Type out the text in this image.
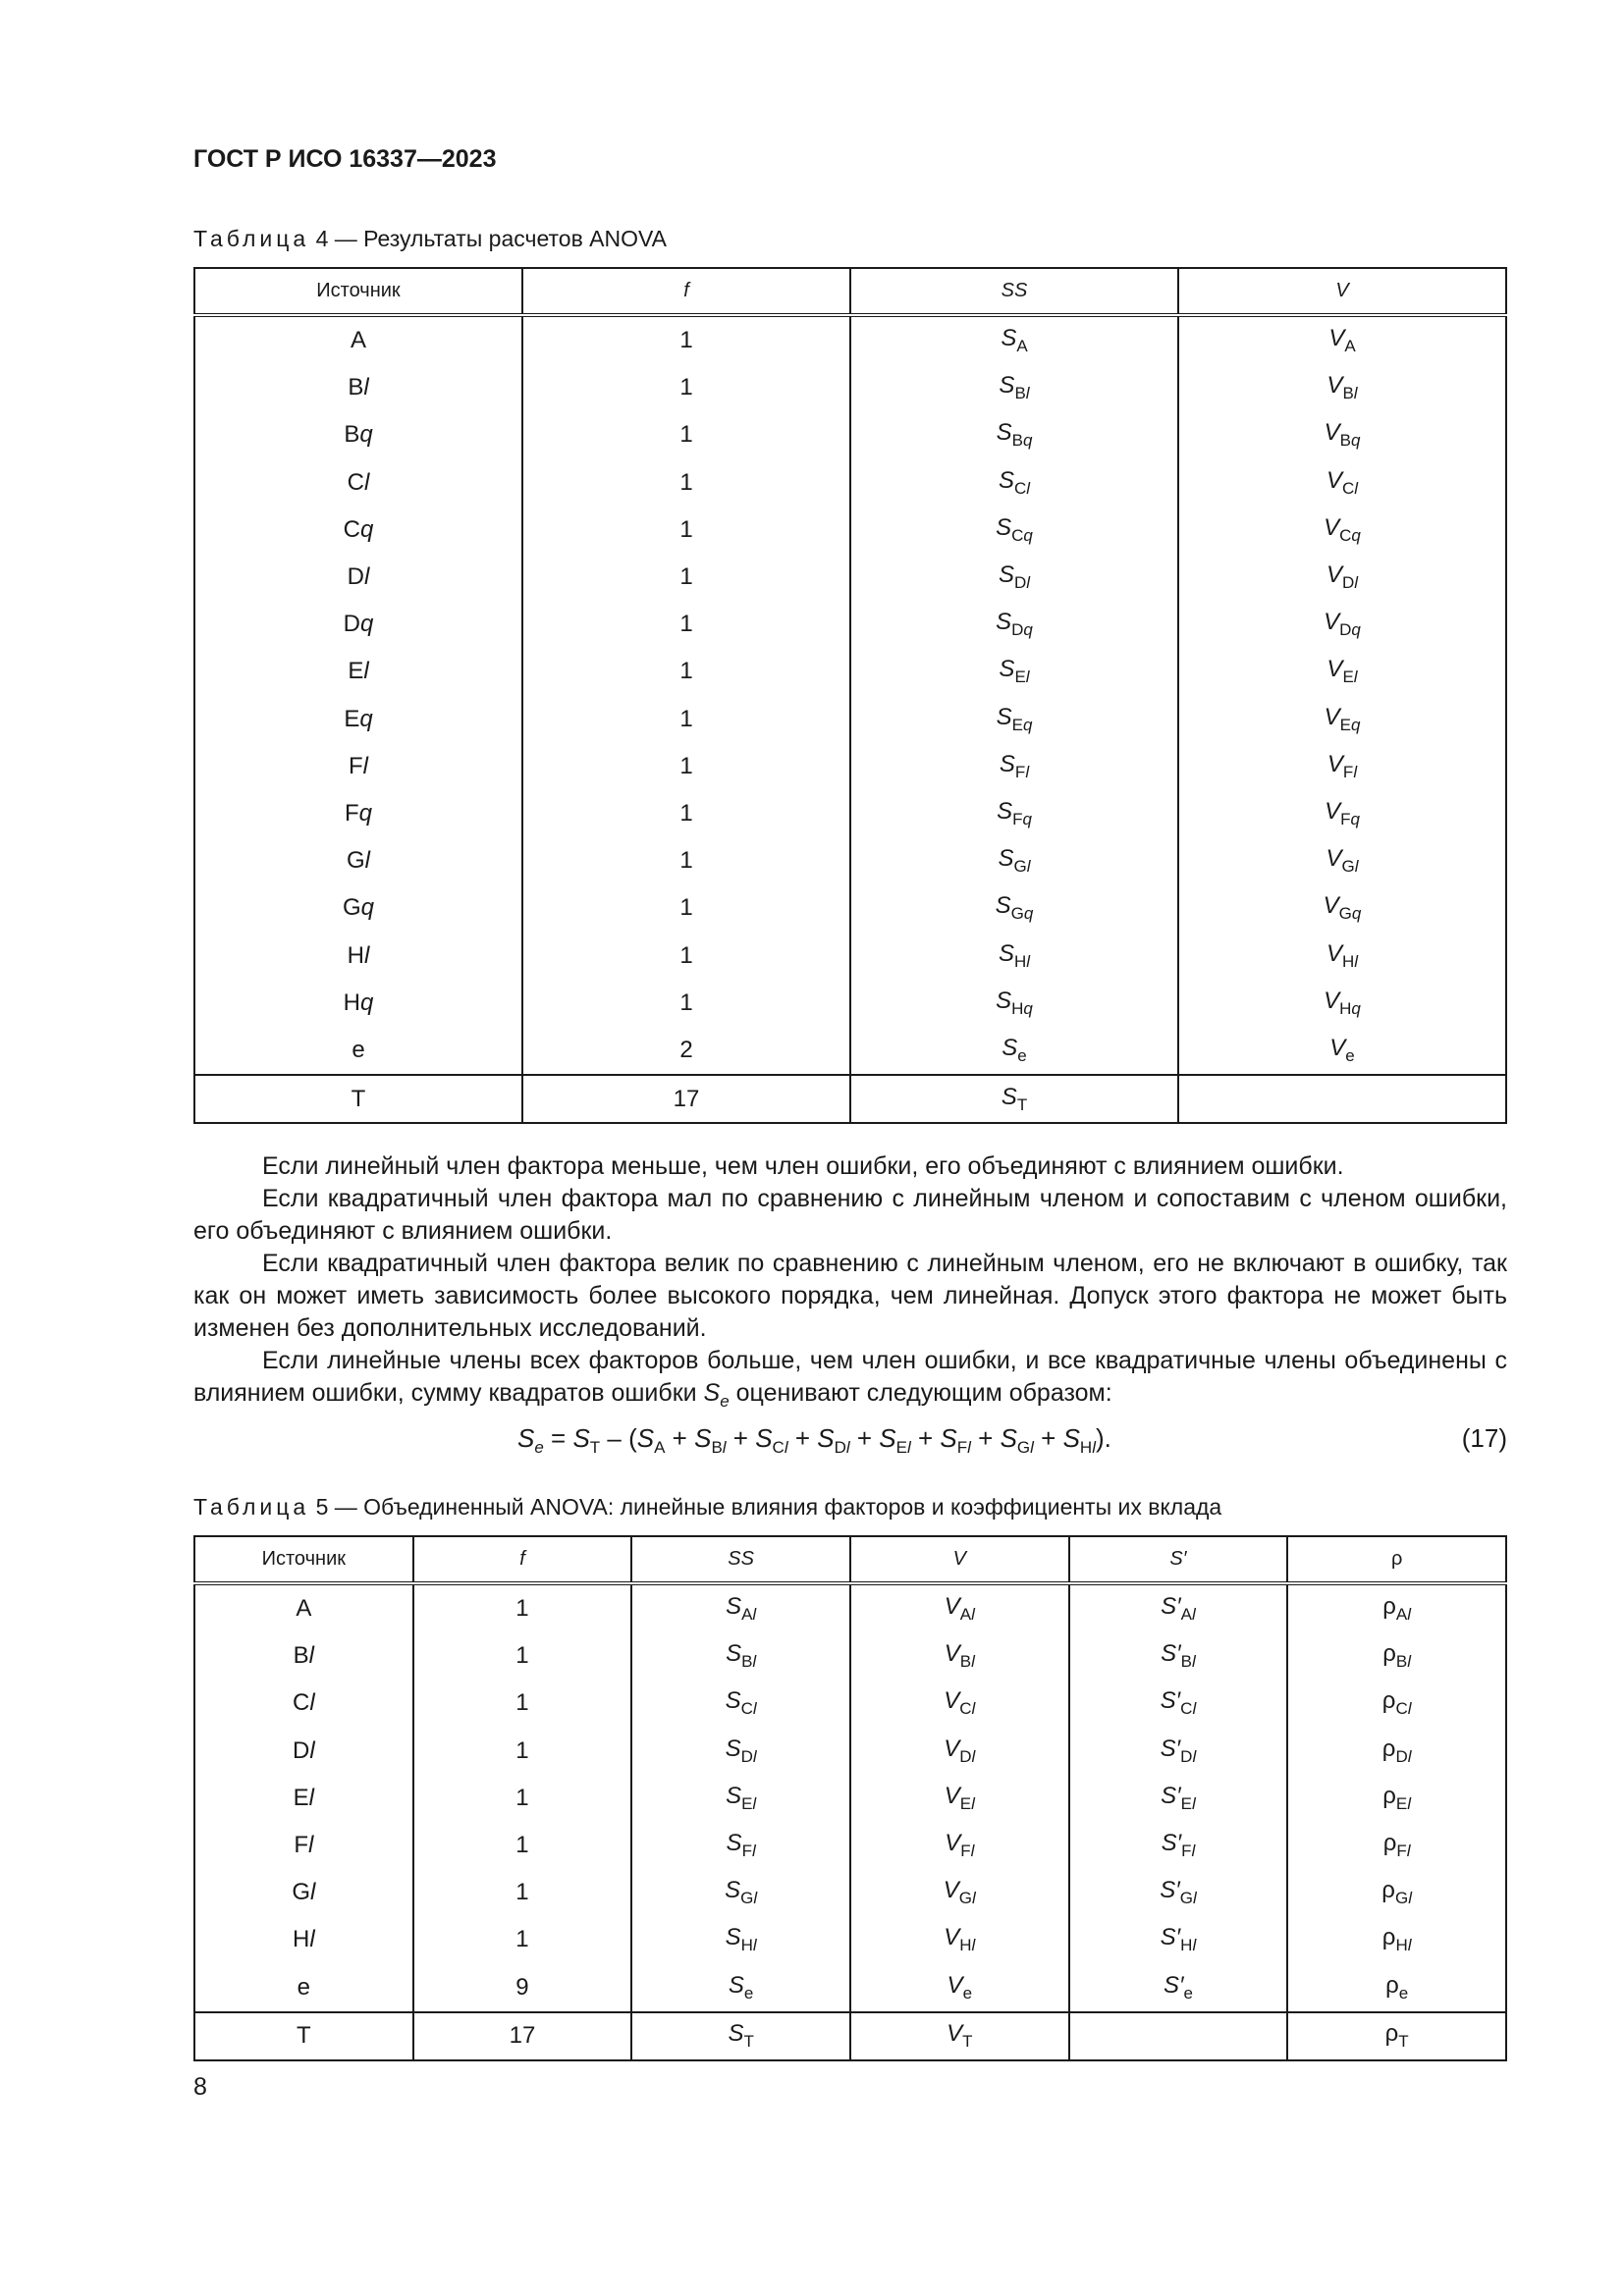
ГОСТ Р ИСО 16337—2023
Таблица 4 — Результаты расчетов ANOVA
Источник	f	SS	V
A	1	$S_A$	$V_A$
Bl	1	$S_{Bl}$	$V_{Bl}$
Bq	1	$S_{Bq}$	$V_{Bq}$
Cl	1	$S_{Cl}$	$V_{Cl}$
Cq	1	$S_{Cq}$	$V_{Cq}$
Dl	1	$S_{Dl}$	$V_{Dl}$
Dq	1	$S_{Dq}$	$V_{Dq}$
El	1	$S_{El}$	$V_{El}$
Eq	1	$S_{Eq}$	$V_{Eq}$
Fl	1	$S_{Fl}$	$V_{Fl}$
Fq	1	$S_{Fq}$	$V_{Fq}$
Gl	1	$S_{Gl}$	$V_{Gl}$
Gq	1	$S_{Gq}$	$V_{Gq}$
Hl	1	$S_{Hl}$	$V_{Hl}$
Hq	1	$S_{Hq}$	$V_{Hq}$
e	2	$S_e$	$V_e$
T	17	$S_T$	

Если линейный член фактора меньше, чем член ошибки, его объединяют с влиянием ошибки.

Если квадратичный член фактора мал по сравнению с линейным членом и сопоставим с членом ошибки, его объединяют с влиянием ошибки.

Если квадратичный член фактора велик по сравнению с линейным членом, его не включают в ошибку, так как он может иметь зависимость более высокого порядка, чем линейная. Допуск этого фактора не может быть изменен без дополнительных исследований.

Если линейные члены всех факторов больше, чем член ошибки, и все квадратичные члены объединены с влиянием ошибки, сумму квадратов ошибки $S_e$ оценивают следующим образом:

$S_e = S_T - (S_A + S_{Bl} + S_{Cl} + S_{Dl} + S_{El} + S_{Fl} + S_{Gl} + S_{Hl})$.	(17)
Таблица 5 — Объединенный ANOVA: линейные влияния факторов и коэффициенты их вклада
Источник	f	SS	V	S′	ρ
A	1	$S_{Al}$	$V_{Al}$	$S'_{Al}$	$\rho_{Al}$
Bl	1	$S_{Bl}$	$V_{Bl}$	$S'_{Bl}$	$\rho_{Bl}$
Cl	1	$S_{Cl}$	$V_{Cl}$	$S'_{Cl}$	$\rho_{Cl}$
Dl	1	$S_{Dl}$	$V_{Dl}$	$S'_{Dl}$	$\rho_{Dl}$
El	1	$S_{El}$	$V_{El}$	$S'_{El}$	$\rho_{El}$
Fl	1	$S_{Fl}$	$V_{Fl}$	$S'_{Fl}$	$\rho_{Fl}$
Gl	1	$S_{Gl}$	$V_{Gl}$	$S'_{Gl}$	$\rho_{Gl}$
Hl	1	$S_{Hl}$	$V_{Hl}$	$S'_{Hl}$	$\rho_{Hl}$
e	9	$S_e$	$V_e$	$S'_e$	$\rho_e$
T	17	$S_T$	$V_T$		$\rho_T$
8
